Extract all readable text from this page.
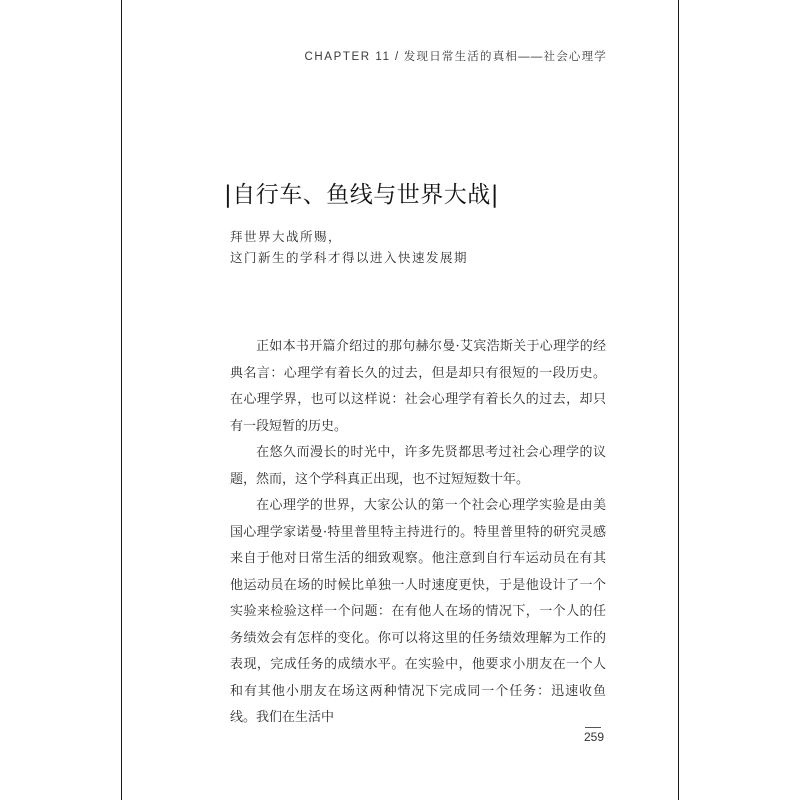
CHAPTER 11 / 发现日常生活的真相——社会心理学
|自行车、鱼线与世界大战|
拜世界大战所赐，
这门新生的学科才得以进入快速发展期

正如本书开篇介绍过的那句赫尔曼·艾宾浩斯关于心理学的经典名言：心理学有着长久的过去，但是却只有很短的一段历史。在心理学界，也可以这样说：社会心理学有着长久的过去，却只有一段短暂的历史。

在悠久而漫长的时光中，许多先贤都思考过社会心理学的议题，然而，这个学科真正出现，也不过短短数十年。

在心理学的世界，大家公认的第一个社会心理学实验是由美国心理学家诺曼·特里普里特主持进行的。特里普里特的研究灵感来自于他对日常生活的细致观察。他注意到自行车运动员在有其他运动员在场的时候比单独一人时速度更快，于是他设计了一个实验来检验这样一个问题：在有他人在场的情况下，一个人的任务绩效会有怎样的变化。你可以将这里的任务绩效理解为工作的表现，完成任务的成绩水平。在实验中，他要求小朋友在一个人和有其他小朋友在场这两种情况下完成同一个任务：迅速收鱼线。我们在生活中

259
